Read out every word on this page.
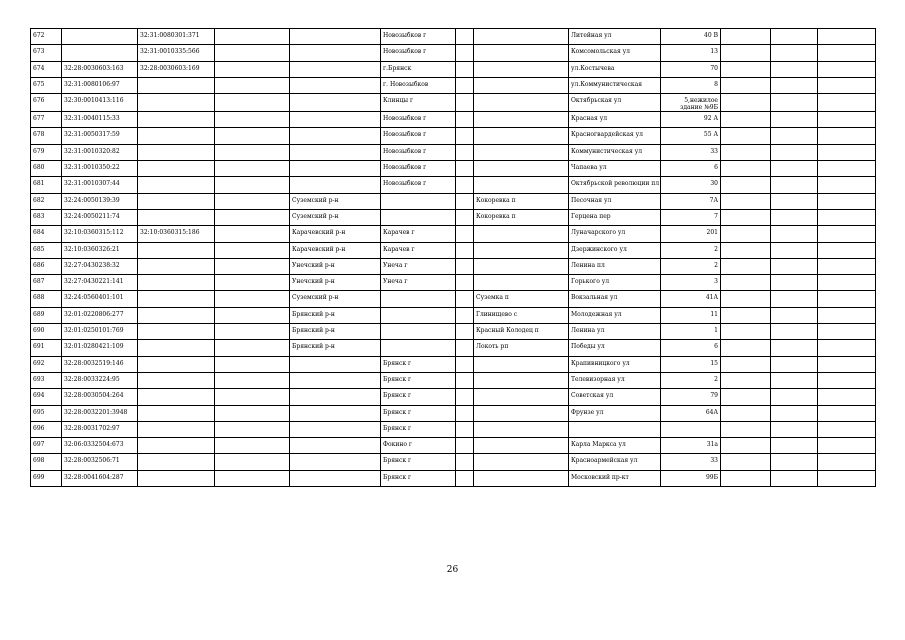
672		32:31:0080301:371			Новозыбков г			Литейная ул	40 В			
673		32:31:0010335:566			Новозыбков г			Комсомольская ул	13			
674	32:28:0030603:163	32:28:0030603:169			г.Брянск			ул.Костычева	70			
675	32:31:0080106:97				г. Новозыбков			ул.Коммунистическая	8			
676	32:30:0010413:116				Клинцы г			Октябрьская ул	5,нежилое здание №9Б			
677	32:31:0040115:33				Новозыбков г			Красная ул	92 А			
678	32:31:0050317:59				Новозыбков г			Красногвардейская ул	55 А			
679	32:31:0010320:82				Новозыбков г			Коммунистическая ул	33			
680	32:31:0010350:22				Новозыбков г			Чапаева ул	6			
681	32:31:0010307:44				Новозыбков г			Октябрьской революции пл	30			
682	32:24:0050139:39			Суземский р-н			Кокоревка п	Песочная ул	7А			
683	32:24:0050211:74			Суземский р-н			Кокоревка п	Герцена пер	7			
684	32:10:0360315:112	32:10:0360315:186		Карачевский р-н	Карачев г			Луначарского ул	201			
685	32:10:0360326:21			Карачевский р-н	Карачев г			Дзержинского ул	2			
686	32:27:0430238:32			Унечский р-н	Унеча г			Ленина пл	2			
687	32:27:0430221:141			Унечский р-н	Унеча г			Горького ул	3			
688	32:24:0560401:101			Суземский р-н			Суземка п	Вокзальная ул	41А			
689	32:01:0220806:277			Брянский р-н			Глинищево с	Молодежная ул	11			
690	32:01:0250101:769			Брянский р-н			Красный Колодец п	Ленина ул	1			
691	32:01:0280421:109			Брянский р-н			Локоть рп	Победы ул	6			
692	32:28:0032519:146				Брянск г			Крапивницкого ул	15			
693	32:28:0033224:95				Брянск г			Телевизорная ул	2			
694	32:28:0030504:264				Брянск г			Советская ул	79			
695	32:28:0032201:3948				Брянск г			Фрунзе ул	64А			
696	32:28:0031702:97				Брянск г							
697	32:06:0332504:673				Фокино г			Карла Маркса ул	31а			
698	32:28:0032506:71				Брянск г			Красноармейская ул	33			
699	32:28:0041604:287				Брянск г			Московский пр-кт	99Б			
26
